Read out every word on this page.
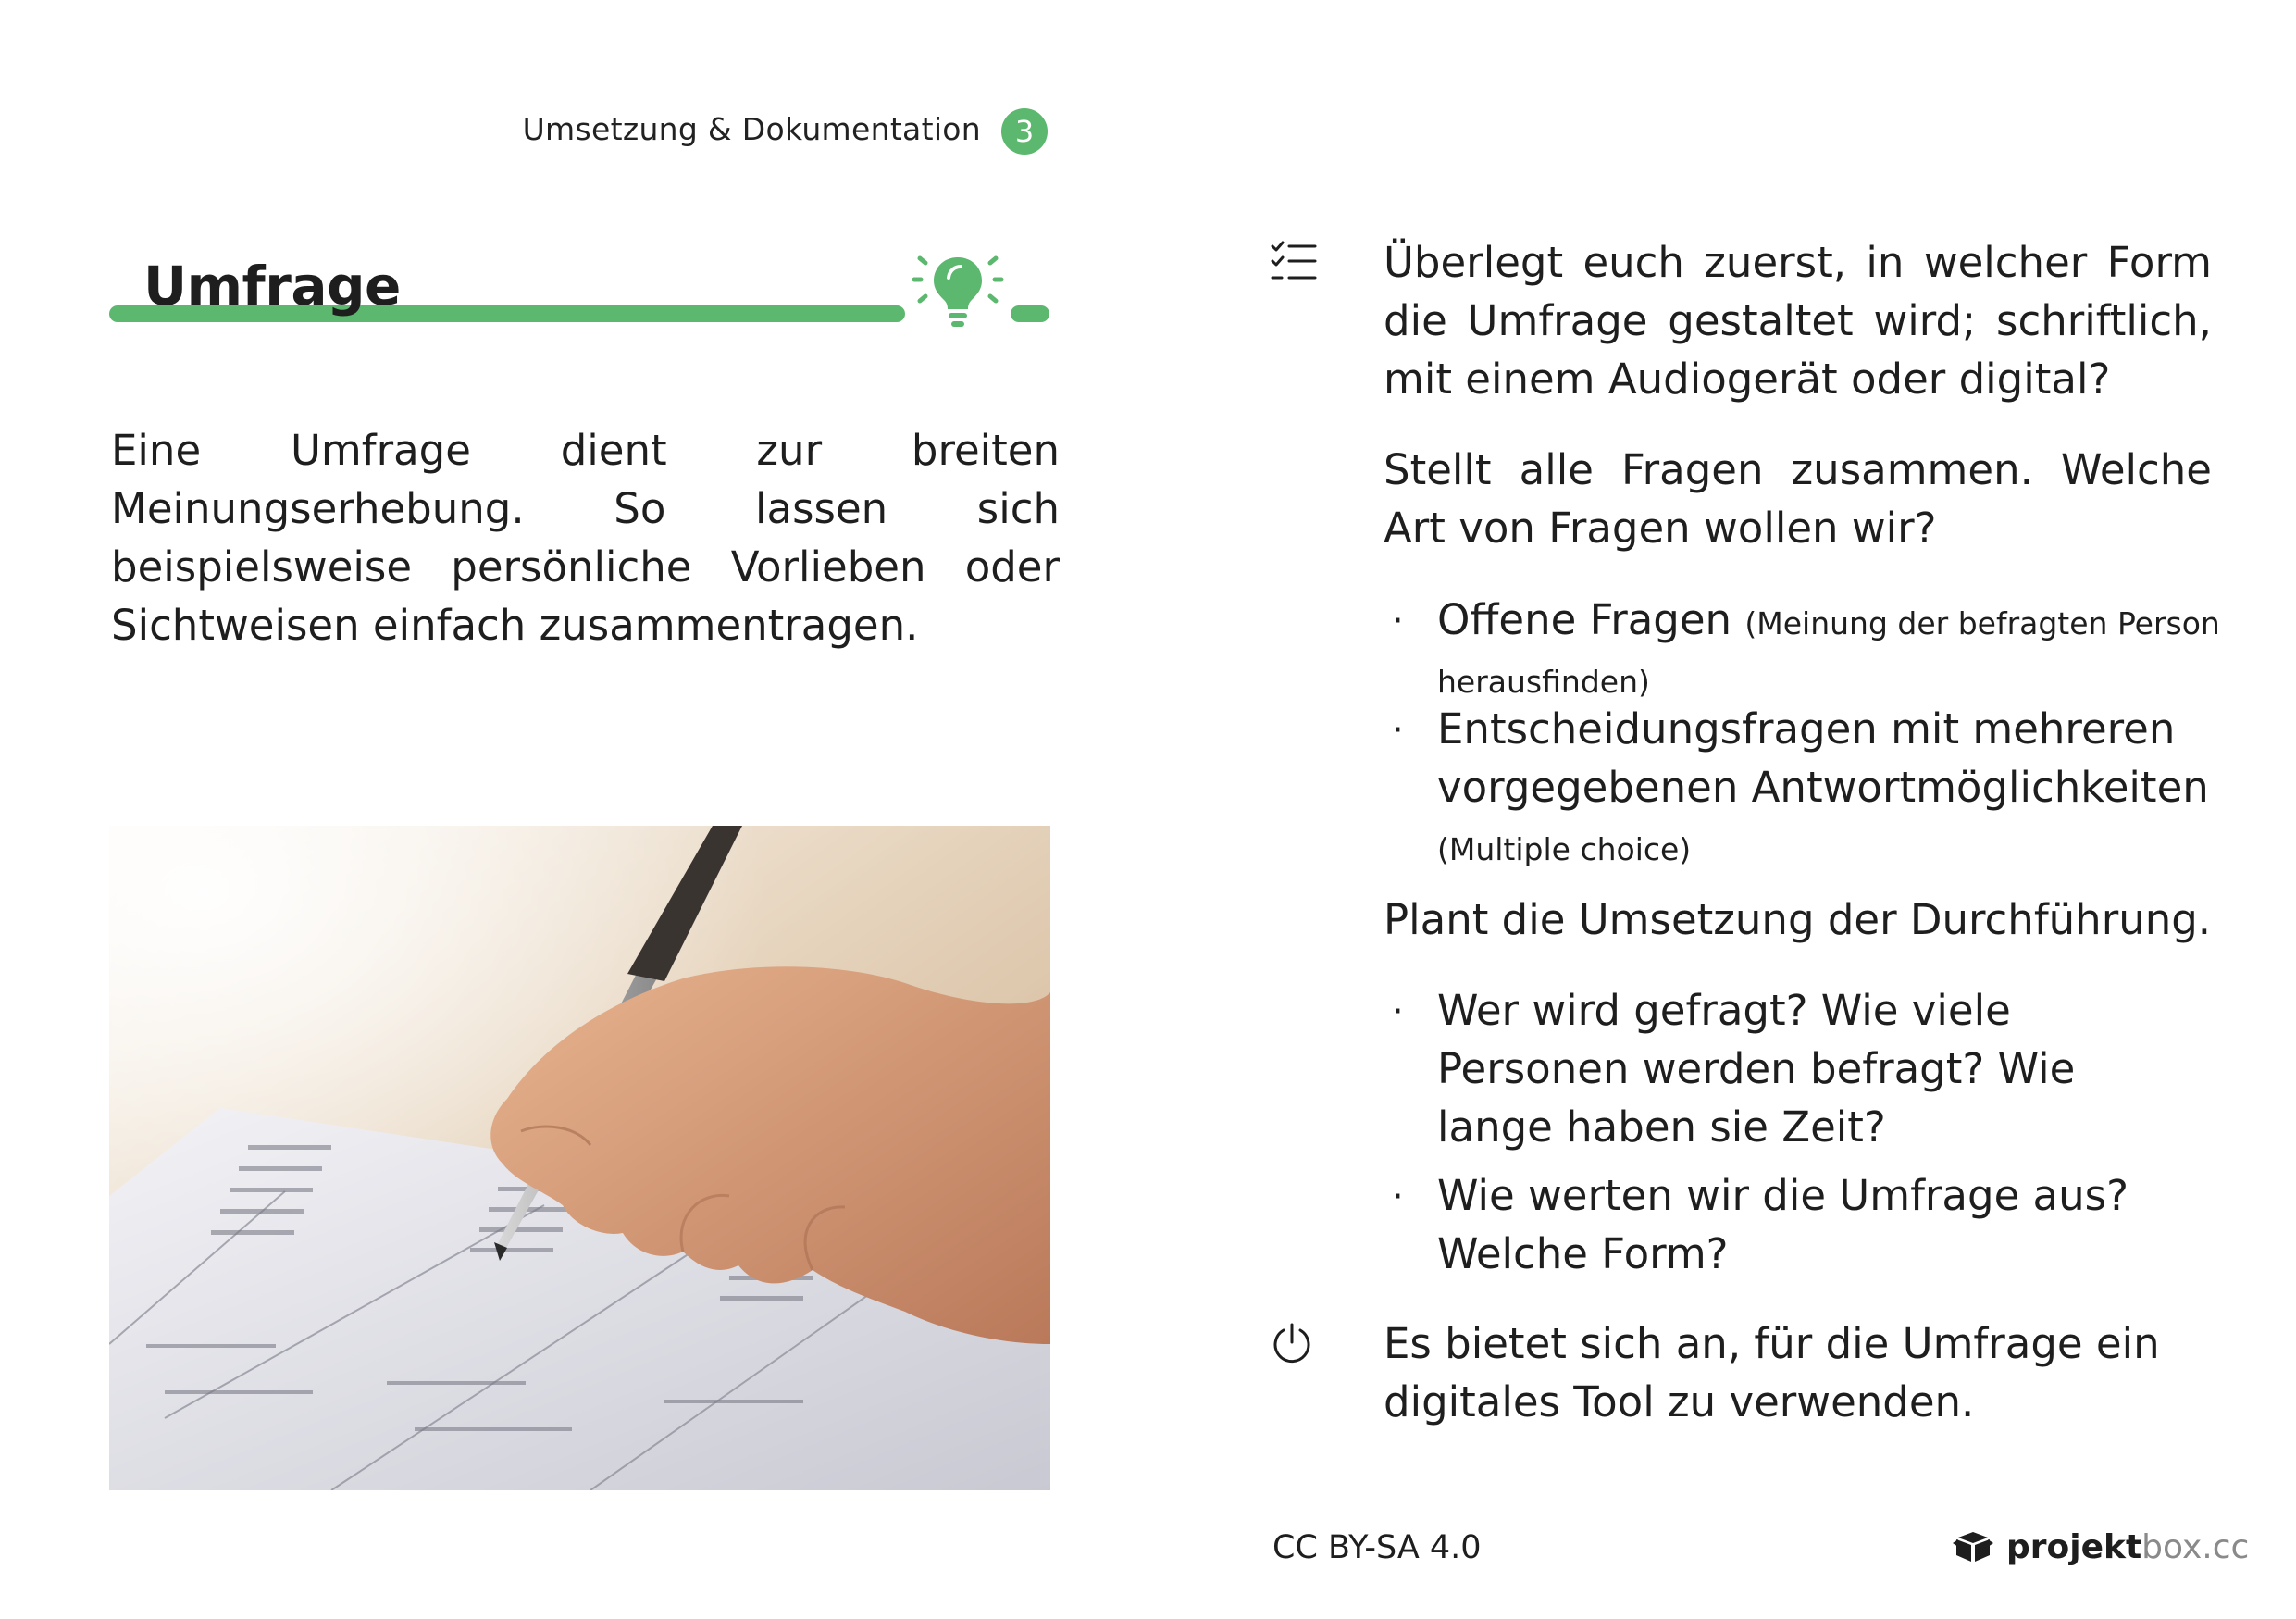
Umsetzung & Dokumentation	3
Umfrage
Eine Umfrage dient zur breiten Meinungserhebung. So lassen sich beispielsweise persönliche Vorlieben oder Sichtweisen einfach zusammentragen.
Überlegt euch zuerst, in welcher Form die Umfrage gestaltet wird; schriftlich, mit einem Audiogerät oder digital?
Stellt alle Fragen zusammen. Welche Art von Fragen wollen wir?
· Offene Fragen (Meinung der befragten Person herausfinden)
· Entscheidungsfragen mit mehreren vorgegebenen Antwortmöglichkeiten
(Multiple choice)
Plant die Umsetzung der Durchführung.
· Wer wird gefragt? Wie viele Personen werden befragt? Wie lange haben sie Zeit?
· Wie werten wir die Umfrage aus? Welche Form?
Es bietet sich an, für die Umfrage ein digitales Tool zu verwenden.
CC BY-SA 4.0	projekt box.cc
